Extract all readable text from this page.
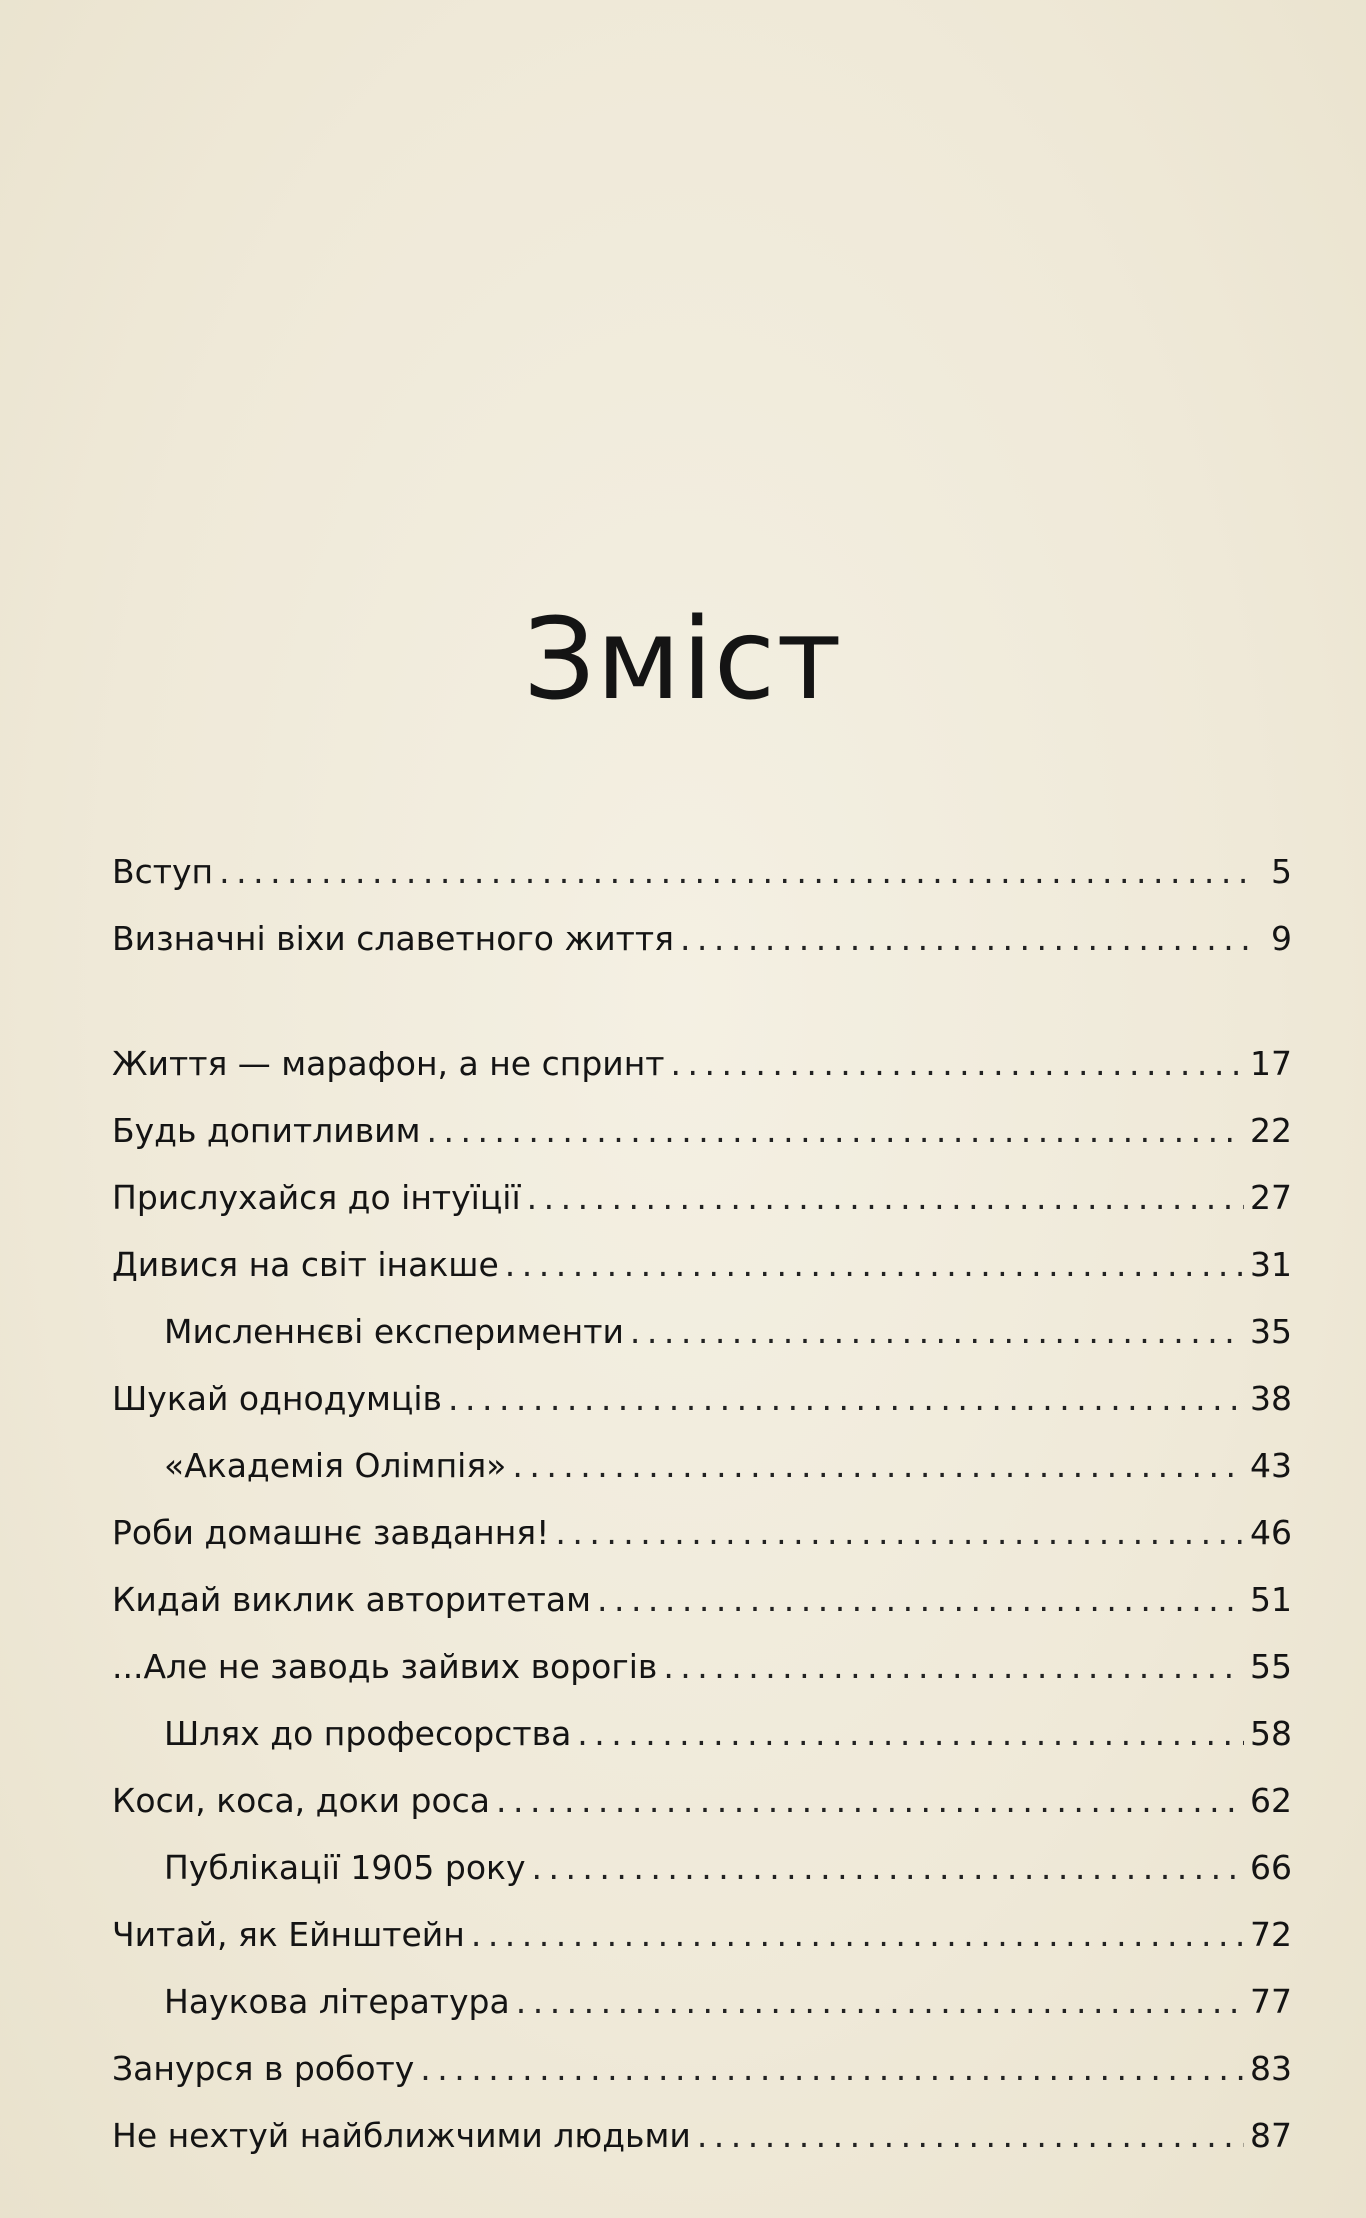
Зміст
Вступ . . .	5
Визначні віхи славетного життя . . .	9
Життя — марафон, а не спринт . . .	17
Будь допитливим . . .	22
Прислухайся до інтуїції . . .	27
Дивися на світ інакше . . .	31
Мисленнєві експерименти . . .	35
Шукай однодумців . . .	38
«Академія Олімпія» . . .	43
Роби домашнє завдання! . . .	46
Кидай виклик авторитетам . . .	51
...Але не заводь зайвих ворогів . . .	55
Шлях до професорства . . .	58
Коси, коса, доки роса . . .	62
Публікації 1905 року . . .	66
Читай, як Ейнштейн . . .	72
Наукова література . . .	77
Занурся в роботу . . .	83
Не нехтуй найближчими людьми . . .	87
